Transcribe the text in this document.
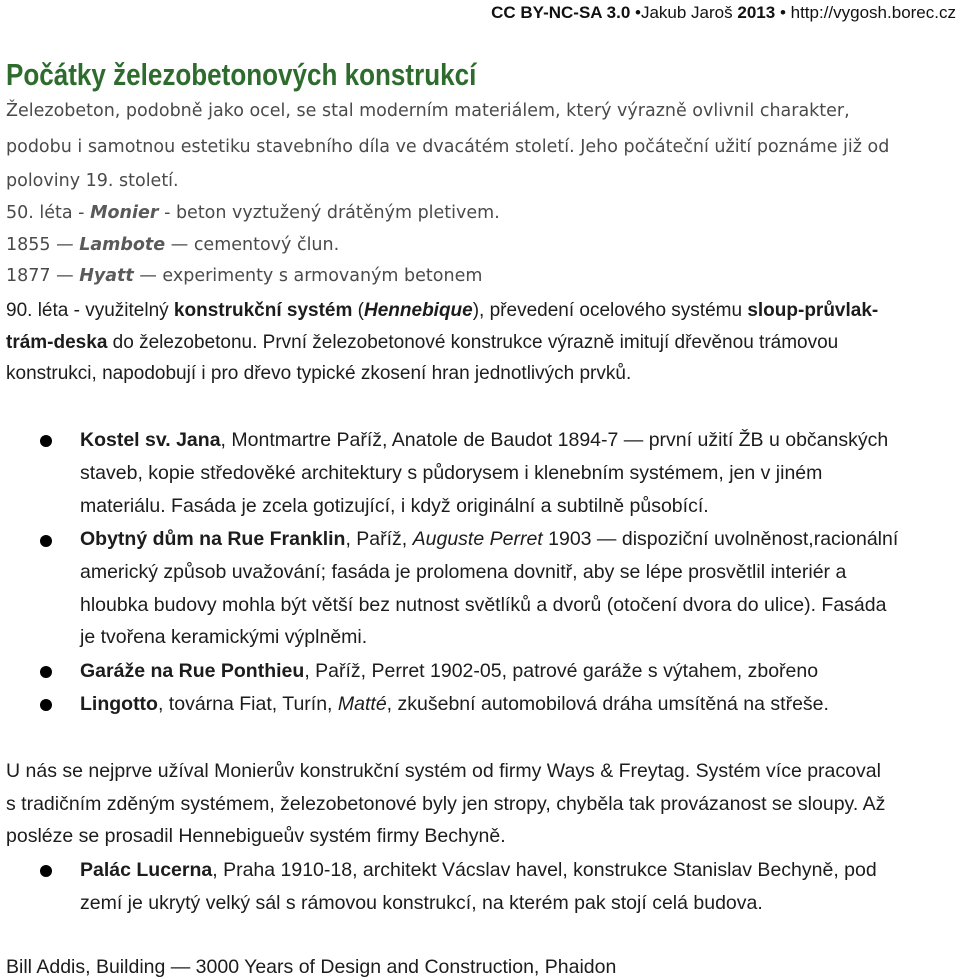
CC BY-NC-SA 3.0 •Jakub Jaroš 2013 • http://vygosh.borec.cz
Počátky železobetonových konstrukcí
Železobeton, podobně jako ocel, se stal moderním materiálem, který výrazně ovlivnil charakter,
podobu i samotnou estetiku stavebního díla ve dvacátém století. Jeho počáteční užití poznáme již od
poloviny 19. století.
50. léta - Monier - beton vyztužený drátěným pletivem.
1855 — Lambote — cementový člun.
1877 — Hyatt — experimenty s armovaným betonem
90. léta - využitelný konstrukční systém (Hennebique), převedení ocelového systému sloup-průvlak-
trám-deska do železobetonu. První železobetonové konstrukce výrazně imitují dřevěnou trámovou
konstrukci, napodobují i pro dřevo typické zkosení hran jednotlivých prvků.
Kostel sv. Jana, Montmartre Paříž, Anatole de Baudot 1894-7 — první užití ŽB u občanských
staveb, kopie středověké architektury s půdorysem i klenebním systémem, jen v jiném
materiálu. Fasáda je zcela gotizující, i když originální a subtilně působící.
Obytný dům na Rue Franklin, Paříž, Auguste Perret 1903 — dispoziční uvolněnost,racionální
americký způsob uvažování; fasáda je prolomena dovnitř, aby se lépe prosvětlil interiér a
hloubka budovy mohla být větší bez nutnost světlíků a dvorů (otočení dvora do ulice). Fasáda
je tvořena keramickými výplněmi.
Garáže na Rue Ponthieu, Paříž, Perret 1902-05, patrové garáže s výtahem, zbořeno
Lingotto, továrna Fiat, Turín, Matté, zkušební automobilová dráha umsítěná na střeše.
U nás se nejprve užíval Monierův konstrukční systém od firmy Ways & Freytag. Systém více pracoval
s tradičním zděným systémem, železobetonové byly jen stropy, chyběla tak provázanost se sloupy. Až
posléze se prosadil Hennebigueův systém firmy Bechyně.
Palác Lucerna, Praha 1910-18, architekt Vácslav havel, konstrukce Stanislav Bechyně, pod
zemí je ukrytý velký sál s rámovou konstrukcí, na kterém pak stojí celá budova.
Bill Addis, Building — 3000 Years of Design and Construction, Phaidon
